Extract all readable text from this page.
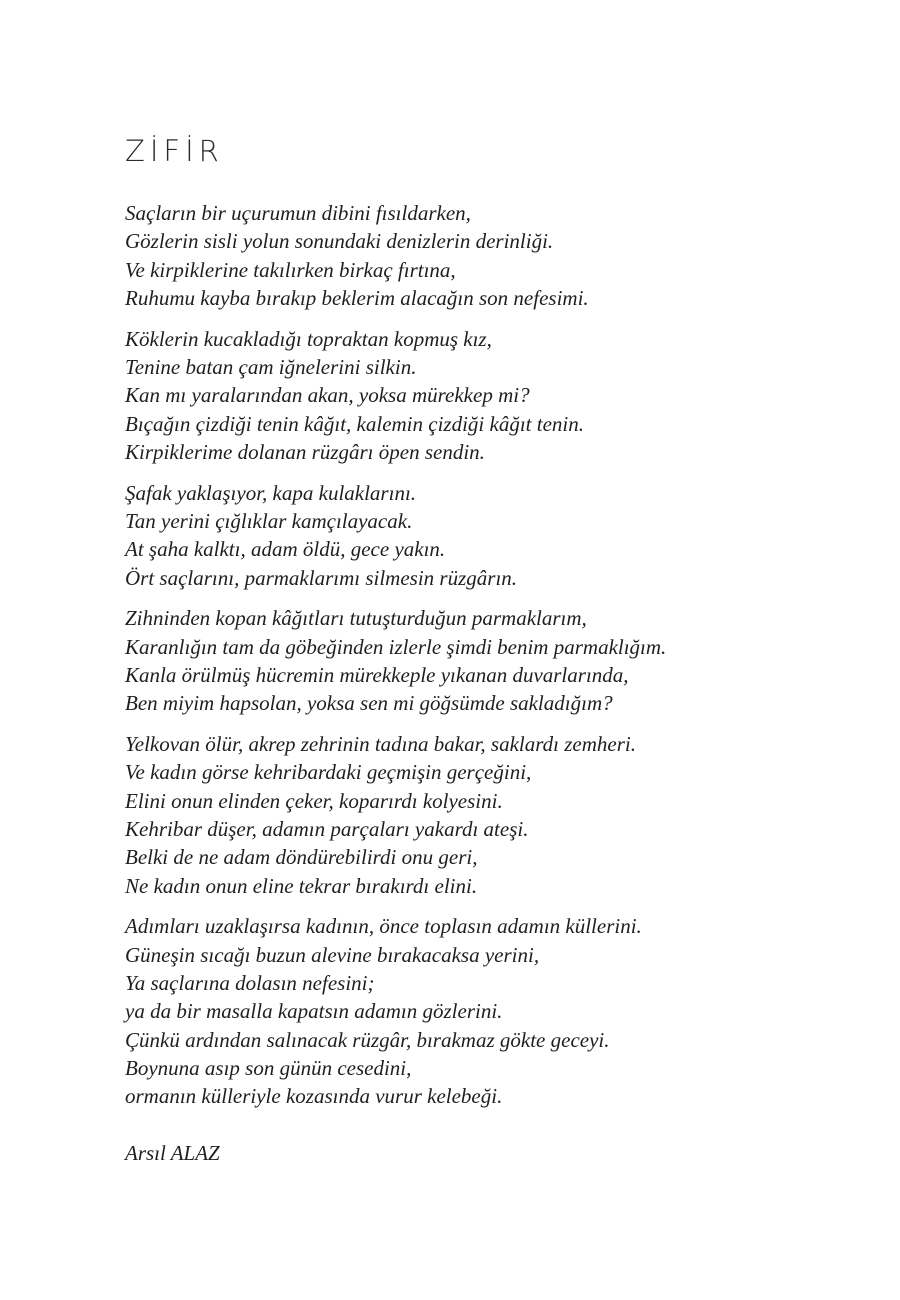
ZİFİR

Saçların bir uçurumun dibini fısıldarken,
Gözlerin sisli yolun sonundaki denizlerin derinliği.
Ve kirpiklerine takılırken birkaç fırtına,
Ruhumu kayba bırakıp beklerim alacağın son nefesimi.

Köklerin kucakladığı topraktan kopmuş kız,
Tenine batan çam iğnelerini silkin.
Kan mı yaralarından akan, yoksa mürekkep mi?
Bıçağın çizdiği tenin kâğıt, kalemin çizdiği kâğıt tenin.
Kirpiklerime dolanan rüzgârı öpen sendin.

Şafak yaklaşıyor, kapa kulaklarını.
Tan yerini çığlıklar kamçılayacak.
At şaha kalktı, adam öldü, gece yakın.
Ört saçlarını, parmaklarımı silmesin rüzgârın.

Zihninden kopan kâğıtları tutuşturduğun parmaklarım,
Karanlığın tam da göbeğinden izlerle şimdi benim parmaklığım.
Kanla örülmüş hücremin mürekkeple yıkanan duvarlarında,
Ben miyim hapsolan, yoksa sen mi göğsümde sakladığım?

Yelkovan ölür, akrep zehrinin tadına bakar, saklardı zemheri.
Ve kadın görse kehribardaki geçmişin gerçeğini,
Elini onun elinden çeker, koparırdı kolyesini.
Kehribar düşer, adamın parçaları yakardı ateşi.
Belki de ne adam döndürebilirdi onu geri,
Ne kadın onun eline tekrar bırakırdı elini.

Adımları uzaklaşırsa kadının, önce toplasın adamın küllerini.
Güneşin sıcağı buzun alevine bırakacaksa yerini,
Ya saçlarına dolasın nefesini;
ya da bir masalla kapatsın adamın gözlerini.
Çünkü ardından salınacak rüzgâr, bırakmaz gökte geceyi.
Boynuna asıp son günün cesedini,
ormanın külleriyle kozasında vurur kelebeği.

Arsıl ALAZ
